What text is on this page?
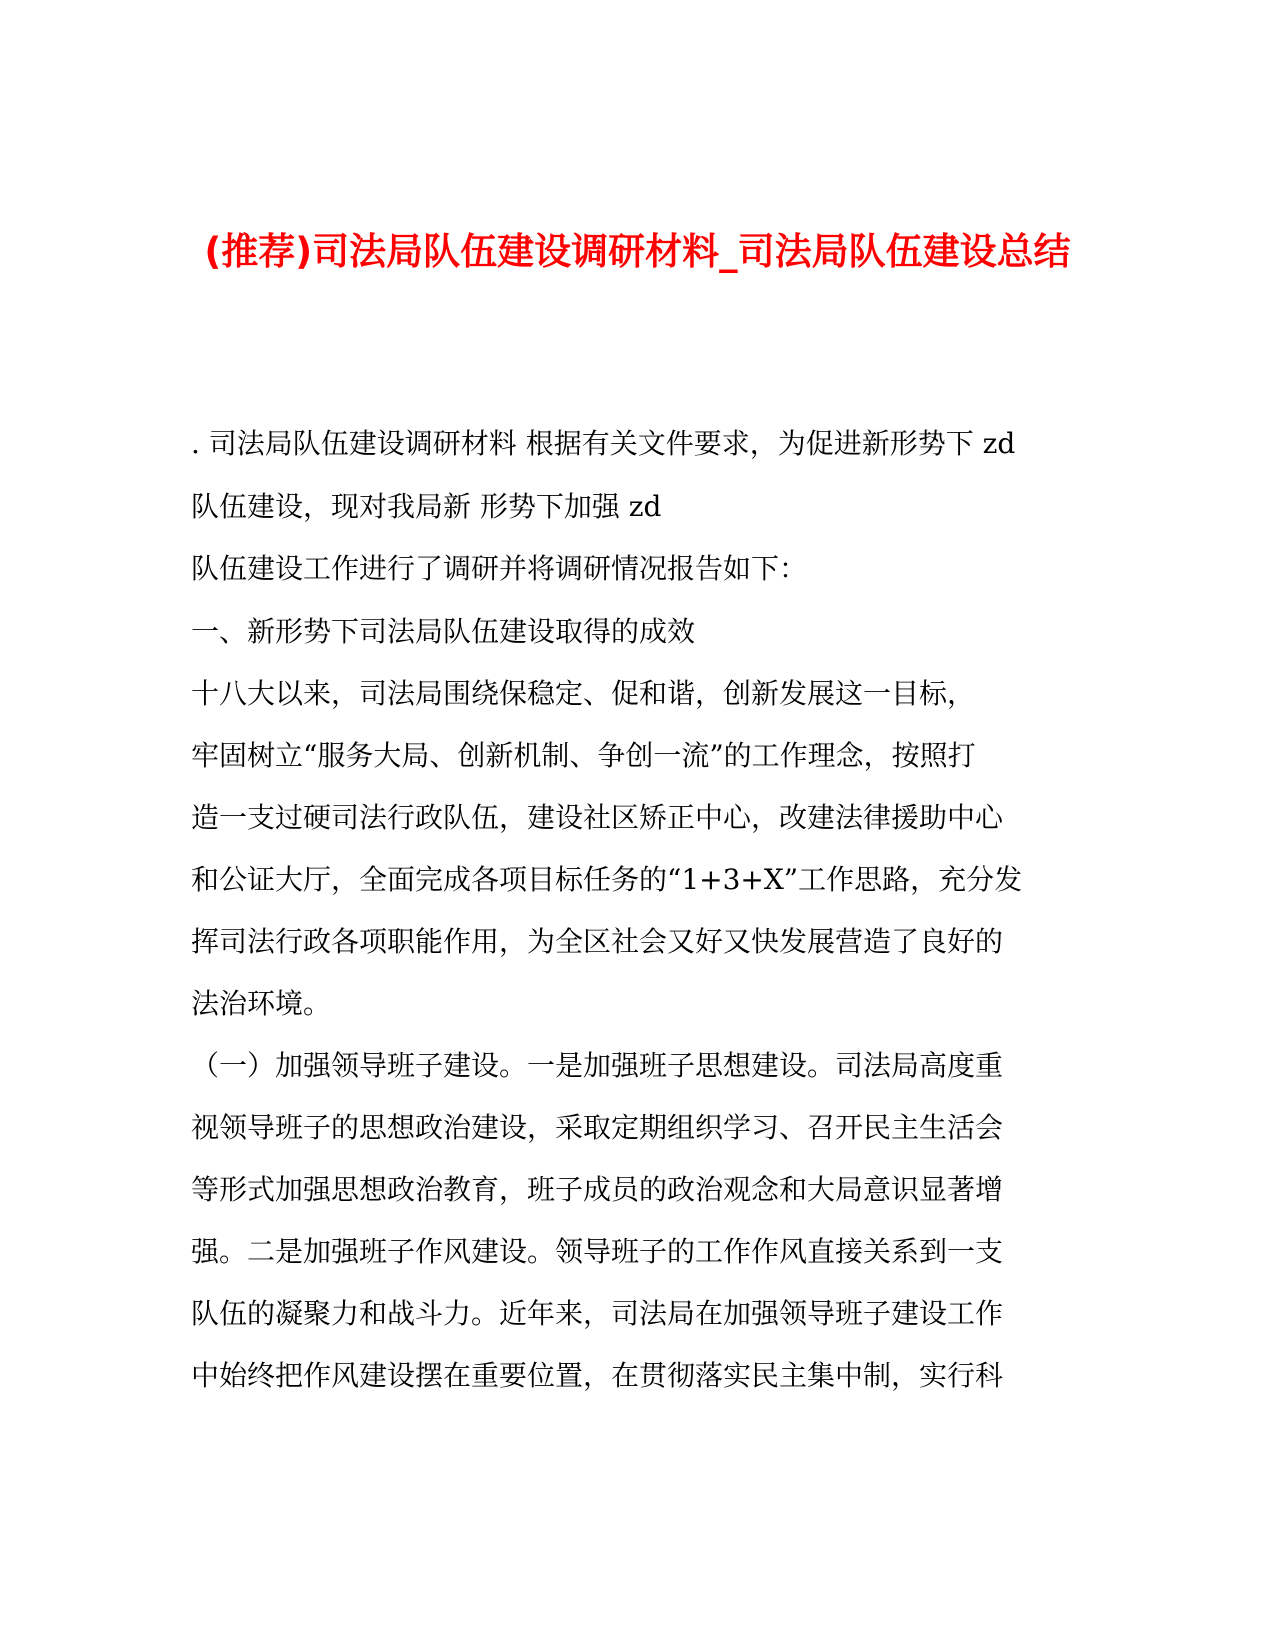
(推荐)司法局队伍建设调研材料_司法局队伍建设总结
. 司法局队伍建设调研材料 根据有关文件要求，为促进新形势下 zd
队伍建设，现对我局新 形势下加强 zd
队伍建设工作进行了调研并将调研情况报告如下：
一、新形势下司法局队伍建设取得的成效
十八大以来，司法局围绕保稳定、促和谐，创新发展这一目标，
牢固树立“服务大局、创新机制、争创一流”的工作理念，按照打
造一支过硬司法行政队伍，建设社区矫正中心，改建法律援助中心
和公证大厅，全面完成各项目标任务的“1+3+X”工作思路，充分发
挥司法行政各项职能作用，为全区社会又好又快发展营造了良好的
法治环境。
（一）加强领导班子建设。一是加强班子思想建设。司法局高度重
视领导班子的思想政治建设，采取定期组织学习、召开民主生活会
等形式加强思想政治教育，班子成员的政治观念和大局意识显著增
强。二是加强班子作风建设。领导班子的工作作风直接关系到一支
队伍的凝聚力和战斗力。近年来，司法局在加强领导班子建设工作
中始终把作风建设摆在重要位置，在贯彻落实民主集中制，实行科
